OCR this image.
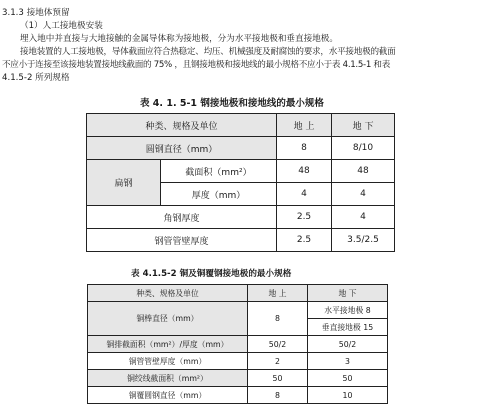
3.1.3 接地体预留
（1）人工接地极安装
埋入地中并直接与大地接触的金属导体称为接地极，分为水平接地极和垂直接地极。
接地装置的人工接地极，导体截面应符合热稳定、均压、机械强度及耐腐蚀的要求，水平接地极的截面
不应小于连接至该接地装置接地线截面的 75% ，且钢接地极和接地线的最小规格不应小于表 4.1.5-1 和表
4.1.5-2 所列规格
表 4. 1. 5-1 钢接地极和接地线的最小规格
种类、规格及单位		地 上	地 下
圆钢直径（mm）		8	8/10
扁钢	截面积（mm²）	48	48
	厚度（mm）	4	4
角钢厚度		2.5	4
钢管管壁厚度		2.5	3.5/2.5
表 4.1.5-2 铜及铜覆钢接地极的最小规格
种类、规格及单位	地 上	地 下
铜棒直径（mm）	8	水平接地极 8
		垂直接地极 15
铜排截面积（mm²）/厚度（mm）	50/2	50/2
铜管管壁厚度（mm）	2	3
铜绞线截面积（mm²）	50	50
铜覆圆钢直径（mm）	8	10
